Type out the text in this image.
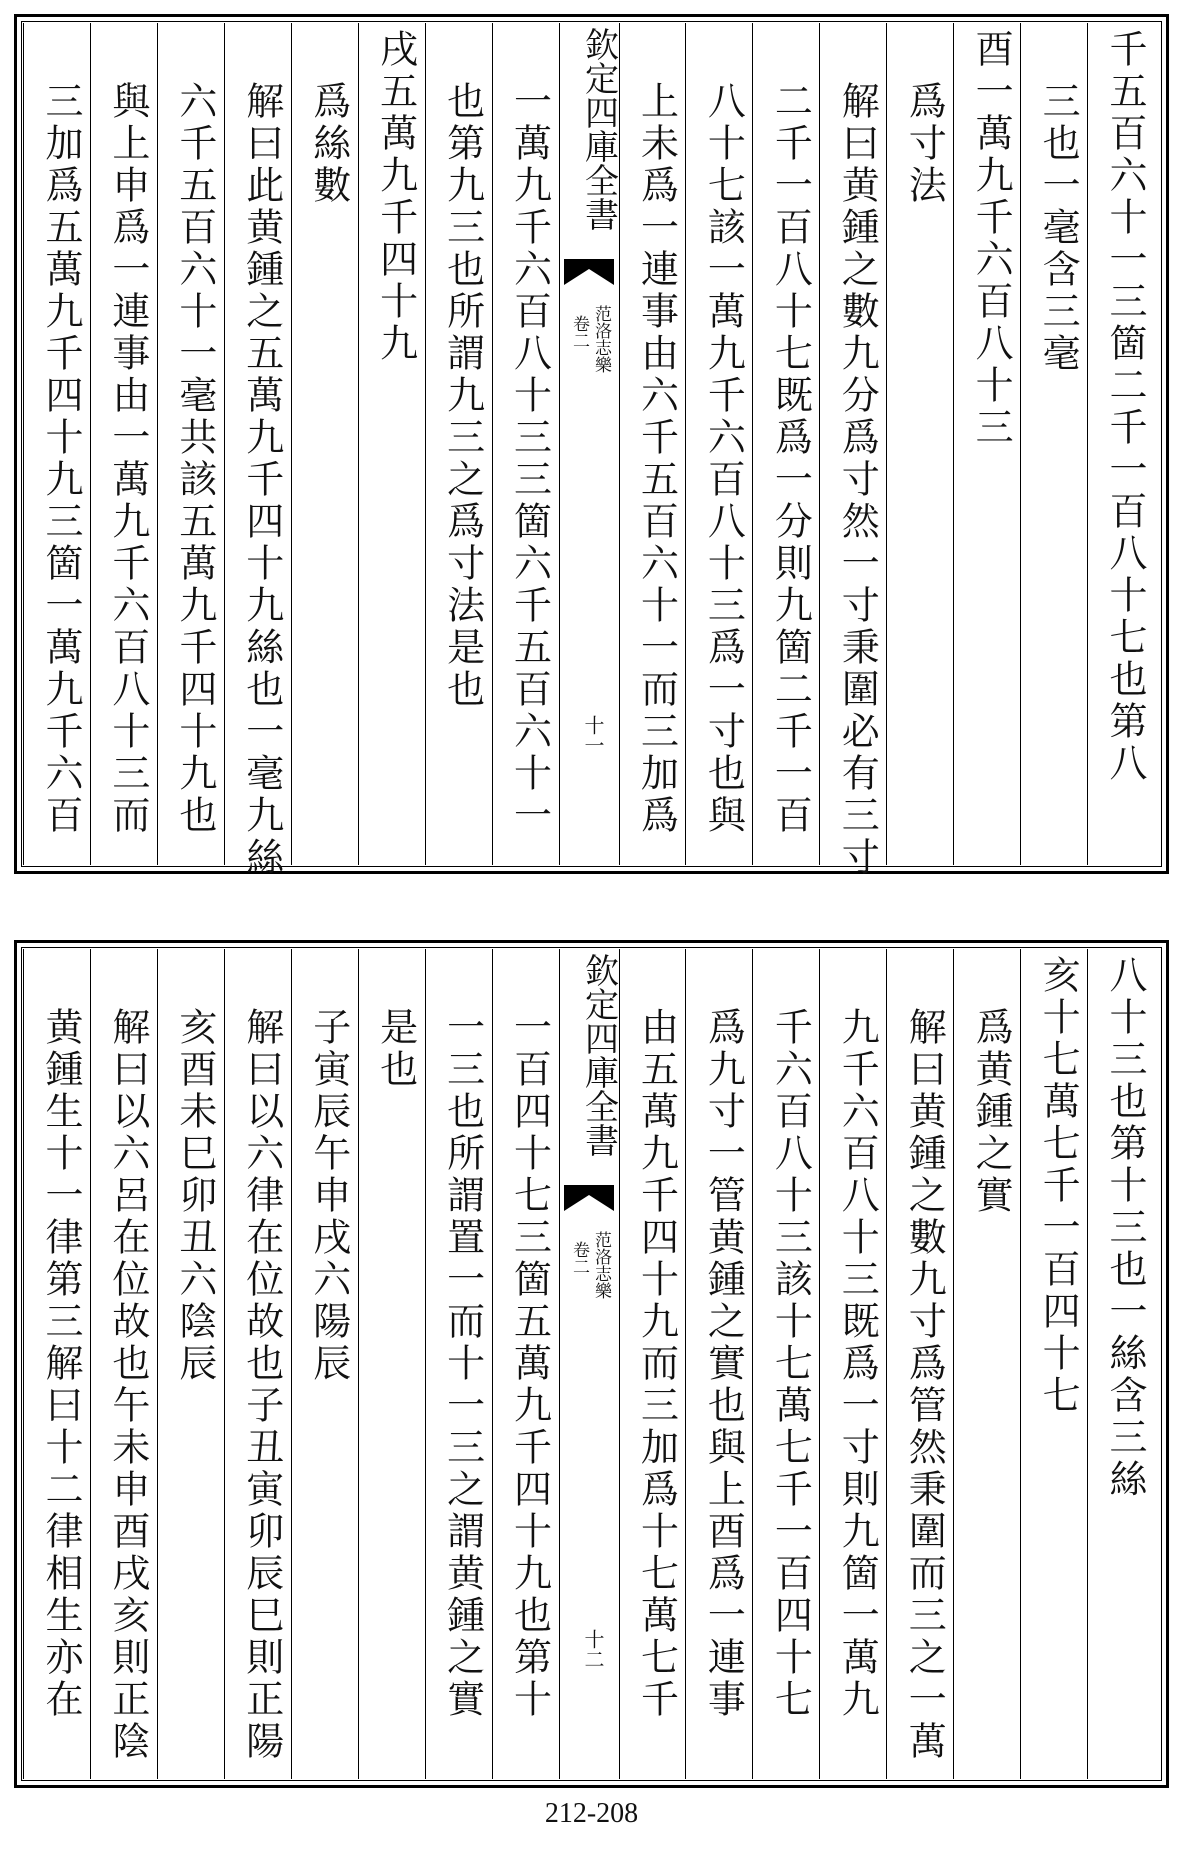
千五百六十一三箇二千一百八十七也第八
三也一毫含三毫
酉一萬九千六百八十三
爲寸法
解曰黄鍾之數九分爲寸然一寸秉圍必有三寸
二千一百八十七既爲一分則九箇二千一百
八十七該一萬九千六百八十三爲一寸也與
上未爲一連事由六千五百六十一而三加爲
欽定四庫全書
范洛志樂
卷二
十一
一萬九千六百八十三三箇六千五百六十一
也第九三也所謂九三之爲寸法是也
戌五萬九千四十九
爲絲數
解曰此黄鍾之五萬九千四十九絲也一毫九絲
六千五百六十一毫共該五萬九千四十九也
與上申爲一連事由一萬九千六百八十三而
三加爲五萬九千四十九三箇一萬九千六百
八十三也第十三也一絲含三絲
亥十七萬七千一百四十七
爲黄鍾之實
解曰黄鍾之數九寸爲管然秉圍而三之一萬
九千六百八十三既爲一寸則九箇一萬九
千六百八十三該十七萬七千一百四十七
爲九寸一管黄鍾之實也與上酉爲一連事
由五萬九千四十九而三加爲十七萬七千
欽定四庫全書
范洛志樂
卷二
十二
一百四十七三箇五萬九千四十九也第十
一三也所謂置一而十一三之謂黄鍾之實
是也
子寅辰午申戌六陽辰
解曰以六律在位故也子丑寅卯辰巳則正陽
亥酉未巳卯丑六陰辰
解曰以六呂在位故也午未申酉戌亥則正陰
黄鍾生十一律第三解曰十二律相生亦在
212-208
